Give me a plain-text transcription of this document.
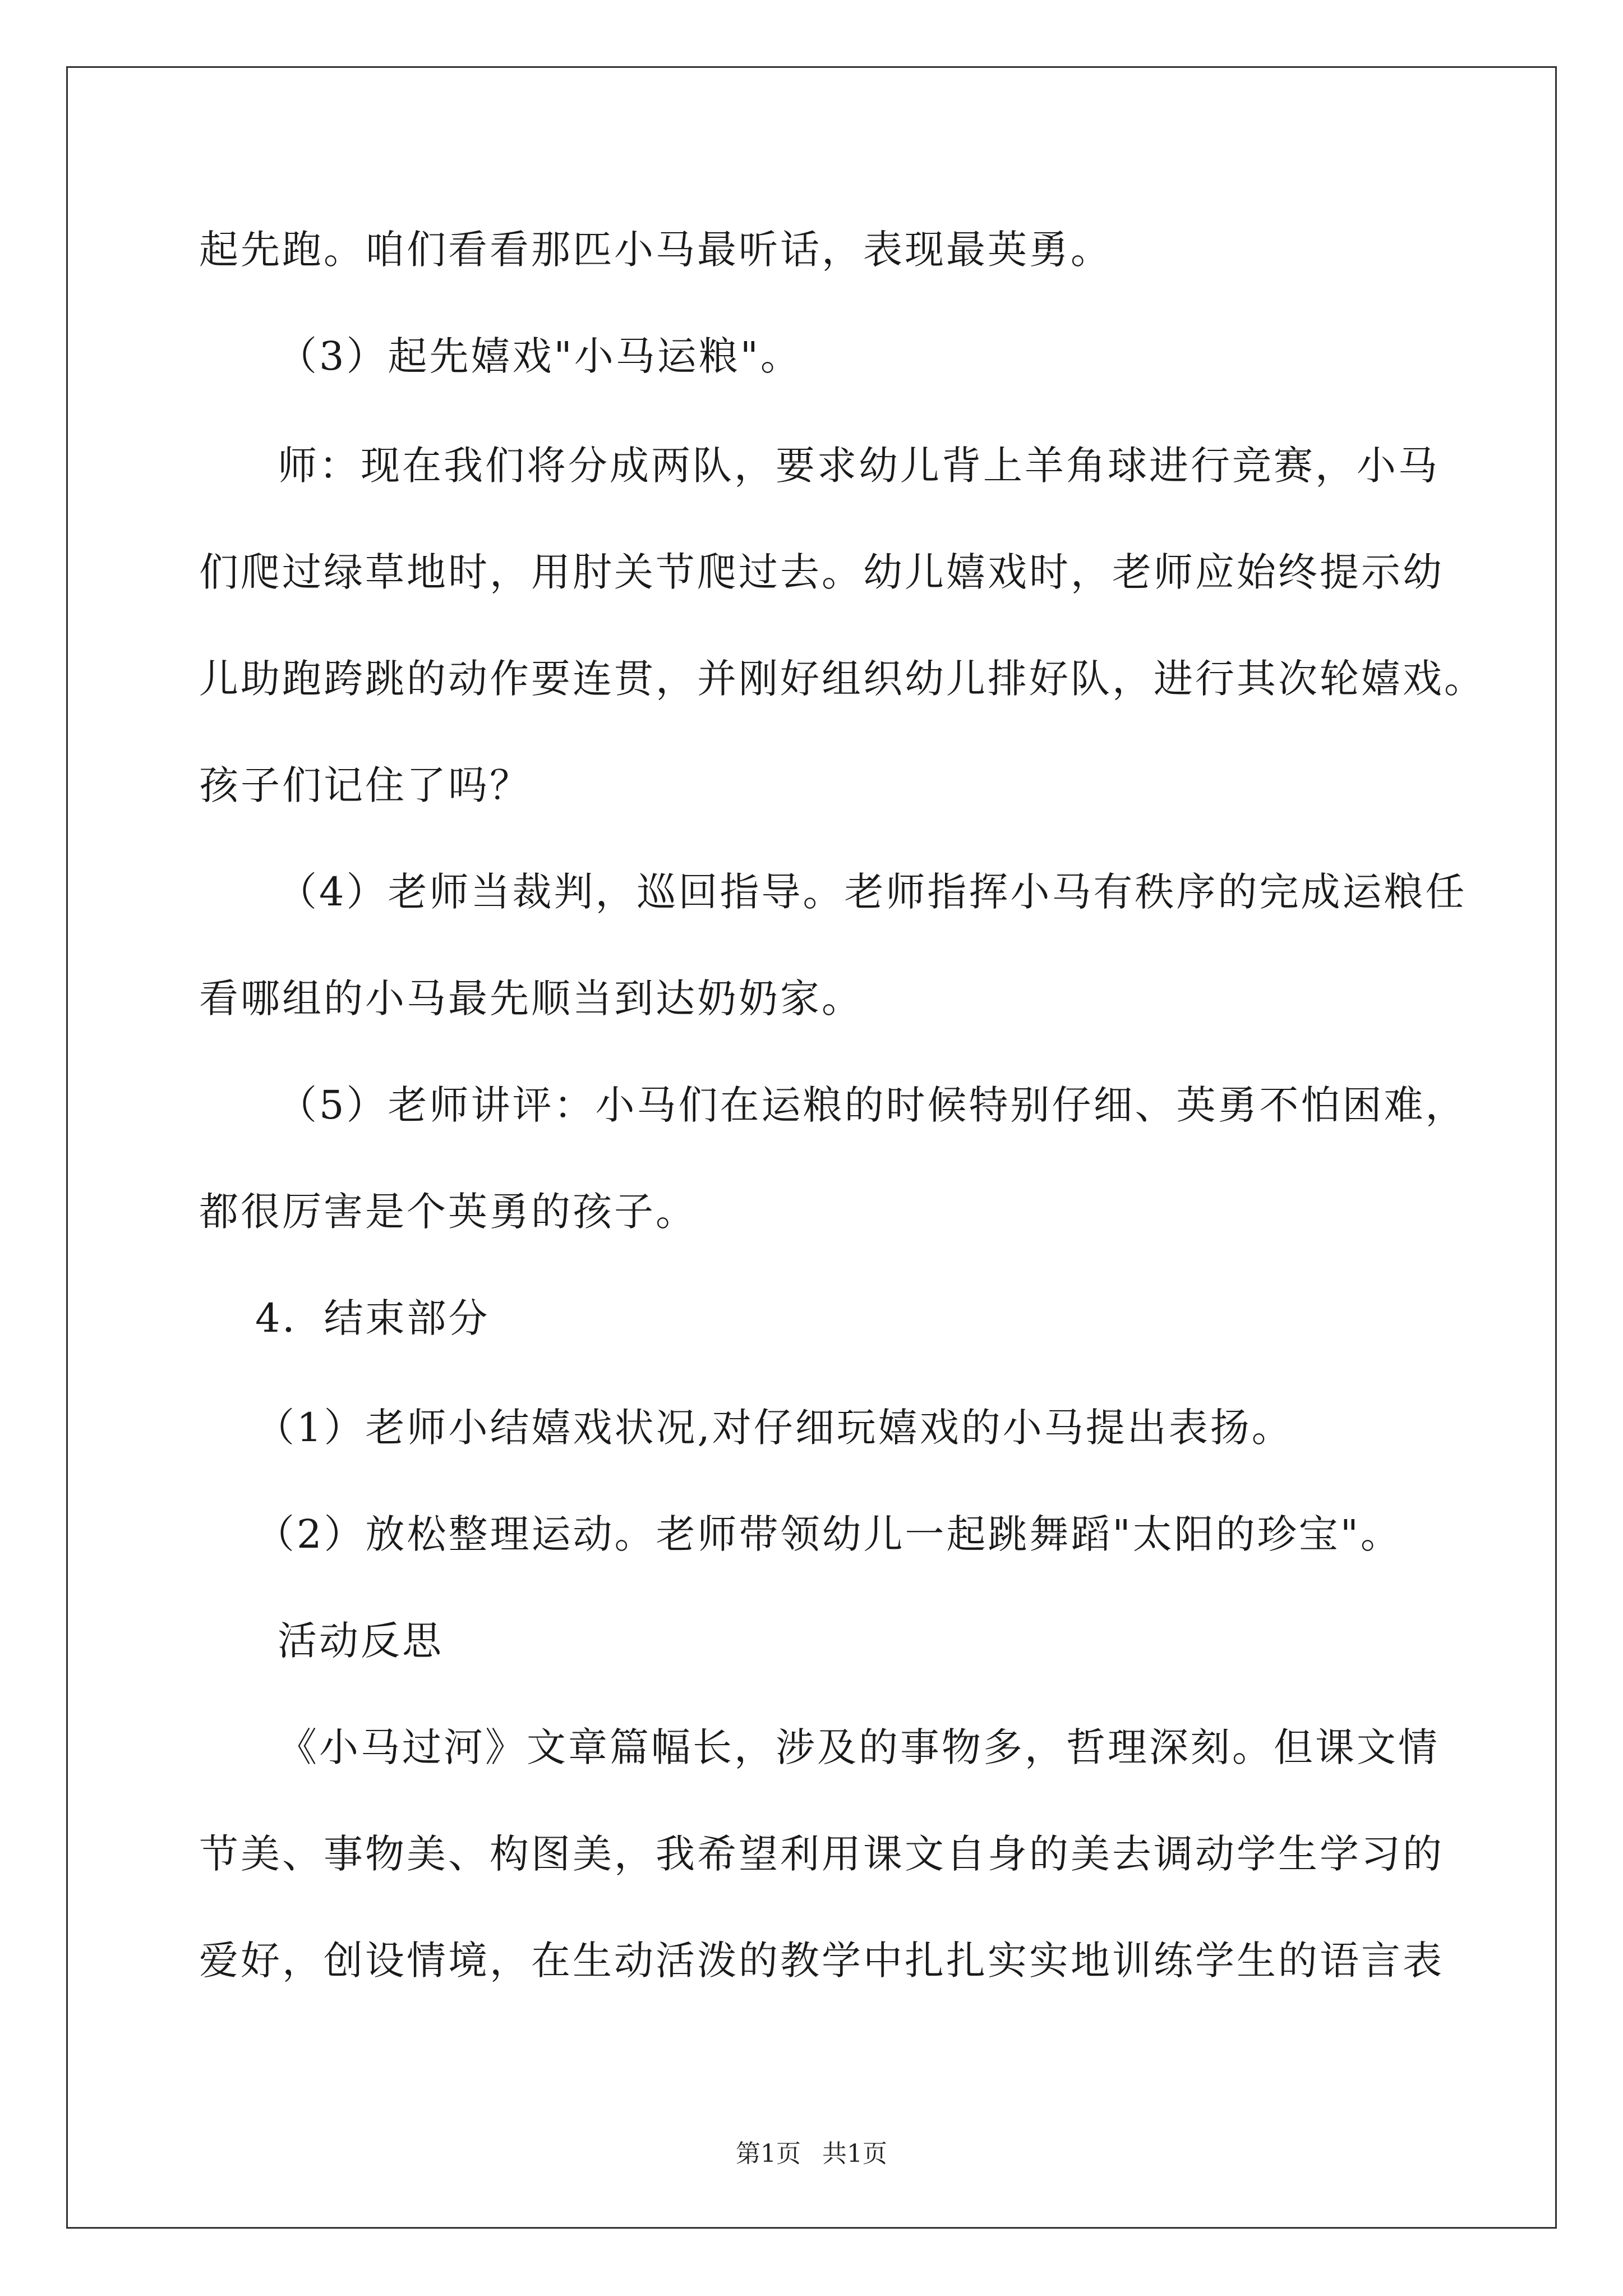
起先跑。咱们看看那匹小马最听话，表现最英勇。
（3）起先嬉戏"小马运粮"。
师：现在我们将分成两队，要求幼儿背上羊角球进行竞赛，小马
们爬过绿草地时，用肘关节爬过去。幼儿嬉戏时，老师应始终提示幼
儿助跑跨跳的动作要连贯，并刚好组织幼儿排好队，进行其次轮嬉戏。
孩子们记住了吗？
（4）老师当裁判，巡回指导。老师指挥小马有秩序的完成运粮任
看哪组的小马最先顺当到达奶奶家。
（5）老师讲评：小马们在运粮的时候特别仔细、英勇不怕困难，
都很厉害是个英勇的孩子。
4．结束部分
（1）老师小结嬉戏状况,对仔细玩嬉戏的小马提出表扬。
（2）放松整理运动。老师带领幼儿一起跳舞蹈"太阳的珍宝"。
活动反思
《小马过河》文章篇幅长，涉及的事物多，哲理深刻。但课文情
节美、事物美、构图美，我希望利用课文自身的美去调动学生学习的
爱好，创设情境，在生动活泼的教学中扎扎实实地训练学生的语言表
第1页 共1页
